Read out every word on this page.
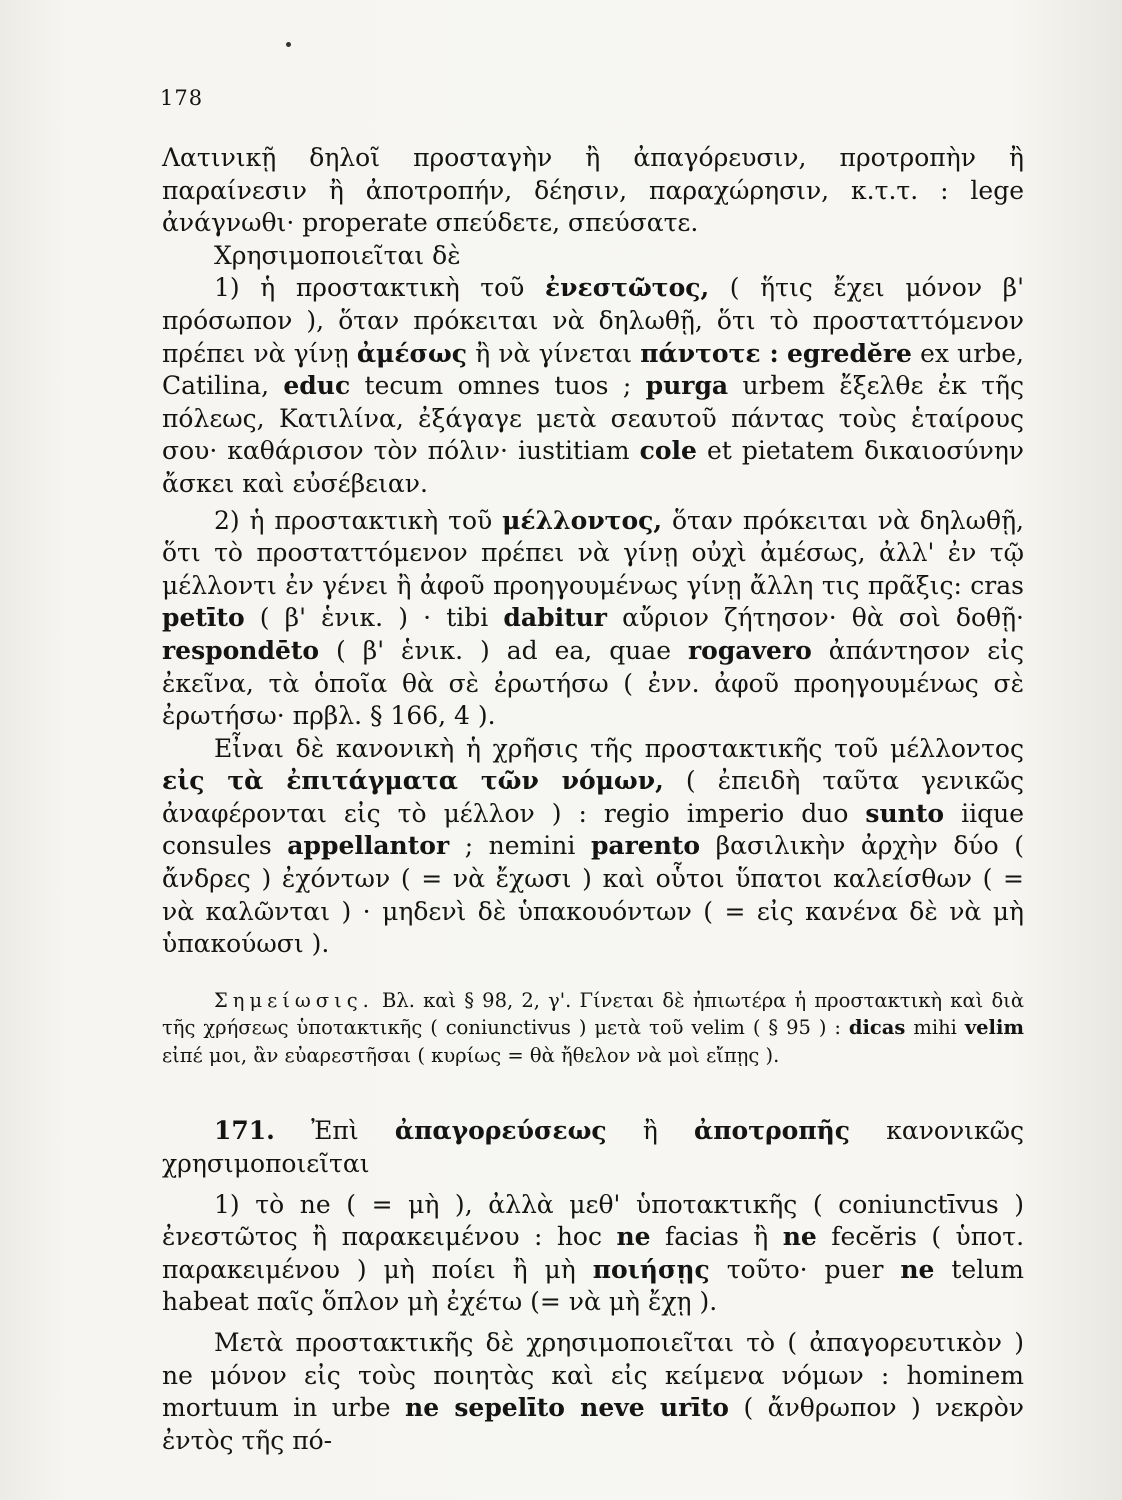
178

Λατινικῇ δηλοῖ προσταγὴν ἢ ἀπαγόρευσιν, προτροπὴν ἢ παραίνεσιν ἢ ἀποτροπήν, δέησιν, παραχώρησιν, κ.τ.τ. : lege ἀνάγνωθι· properate σπεύδετε, σπεύσατε.

Χρησιμοποιεῖται δὲ

1) ἡ προστακτικὴ τοῦ ἐνεστῶτος, ( ἥτις ἔχει μόνον β' πρόσωπον ), ὅταν πρόκειται νὰ δηλωθῇ, ὅτι τὸ προσταττόμενον πρέπει νὰ γίνῃ ἀμέσως ἢ νὰ γίνεται πάντοτε : egredĕre ex urbe, Catilina, educ tecum omnes tuos ; purga urbem ἔξελθε ἐκ τῆς πόλεως, Κατιλίνα, ἐξάγαγε μετὰ σεαυτοῦ πάντας τοὺς ἑταίρους σου· καθάρισον τὸν πόλιν· iustitiam cole et pietatem δικαιοσύνην ἄσκει καὶ εὐσέβειαν.

2) ἡ προστακτικὴ τοῦ μέλλοντος, ὅταν πρόκειται νὰ δηλωθῇ, ὅτι τὸ προσταττόμενον πρέπει νὰ γίνῃ οὐχὶ ἀμέσως, ἀλλ' ἐν τῷ μέλλοντι ἐν γένει ἢ ἀφοῦ προηγουμένως γίνῃ ἄλλη τις πρᾶξις: cras petīto ( β' ἑνικ. ) · tibi dabitur αὔριον ζήτησον· θὰ σοὶ δοθῇ· respondēto ( β' ἑνικ. ) ad ea, quae rogavero ἀπάντησον εἰς ἐκεῖνα, τὰ ὁποῖα θὰ σὲ ἐρωτήσω ( ἐνν. ἀφοῦ προηγουμένως σὲ ἐρωτήσω· πρβλ. § 166, 4 ).

Εἶναι δὲ κανονικὴ ἡ χρῆσις τῆς προστακτικῆς τοῦ μέλλοντος εἰς τὰ ἐπιτάγματα τῶν νόμων, ( ἐπειδὴ ταῦτα γενικῶς ἀναφέρονται εἰς τὸ μέλλον ) : regio imperio duo sunto iique consules appellantor ; nemini parento βασιλικὴν ἀρχὴν δύο ( ἄνδρες ) ἐχόντων ( = νὰ ἔχωσι ) καὶ οὗτοι ὕπατοι καλείσθων ( = νὰ καλῶνται ) · μηδενὶ δὲ ὑπακουόντων ( = εἰς κανένα δὲ νὰ μὴ ὑπακούωσι ).

Σημείωσις. Βλ. καὶ § 98, 2, γ'. Γίνεται δὲ ἠπιωτέρα ἡ προστακτικὴ καὶ διὰ τῆς χρήσεως ὑποτακτικῆς ( coniunctivus ) μετὰ τοῦ velim ( § 95 ) : dicas mihi velim εἰπέ μοι, ἂν εὐαρεστῆσαι ( κυρίως = θὰ ἤθελον νὰ μοὶ εἴπῃς ).

171. Ἐπὶ ἀπαγορεύσεως ἢ ἀποτροπῆς κανονικῶς χρησιμοποιεῖται

1) τὸ ne ( = μὴ ), ἀλλὰ μεθ' ὑποτακτικῆς ( coniunctīvus ) ἐνεστῶτος ἢ παρακειμένου : hoc ne facias ἢ ne fecĕris ( ὑποτ. παρακειμένου ) μὴ ποίει ἢ μὴ ποιήσῃς τοῦτο· puer ne telum habeat παῖς ὅπλον μὴ ἐχέτω (= νὰ μὴ ἔχῃ ).

Μετὰ προστακτικῆς δὲ χρησιμοποιεῖται τὸ ( ἀπαγορευτικὸν ) ne μόνον εἰς τοὺς ποιητὰς καὶ εἰς κείμενα νόμων : hominem mortuum in urbe ne sepelīto neve urīto ( ἄνθρωπον ) νεκρὸν ἐντὸς τῆς πό-
